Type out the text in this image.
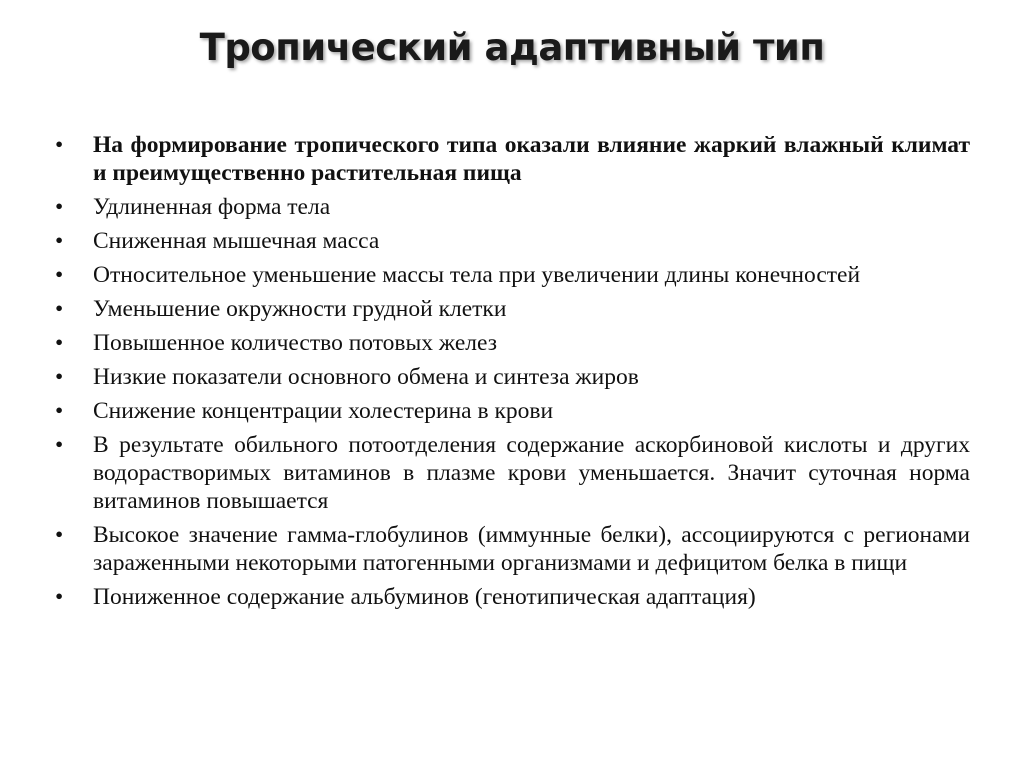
Тропический адаптивный тип
• На формирование тропического типа оказали влияние жаркий влажный климат и преимущественно растительная пища
• Удлиненная форма тела
• Сниженная мышечная масса
• Относительное уменьшение массы тела при увеличении длины конечностей
• Уменьшение окружности грудной клетки
• Повышенное количество потовых желез
• Низкие показатели основного обмена и синтеза жиров
• Снижение концентрации холестерина в крови
• В результате обильного потоотделения содержание аскорбиновой кислоты и других водорастворимых витаминов в плазме крови уменьшается. Значит суточная норма витаминов повышается
• Высокое значение гамма-глобулинов (иммунные белки), ассоциируются с регионами зараженными некоторыми патогенными организмами и дефицитом белка в пищи
• Пониженное содержание альбуминов (генотипическая адаптация)
